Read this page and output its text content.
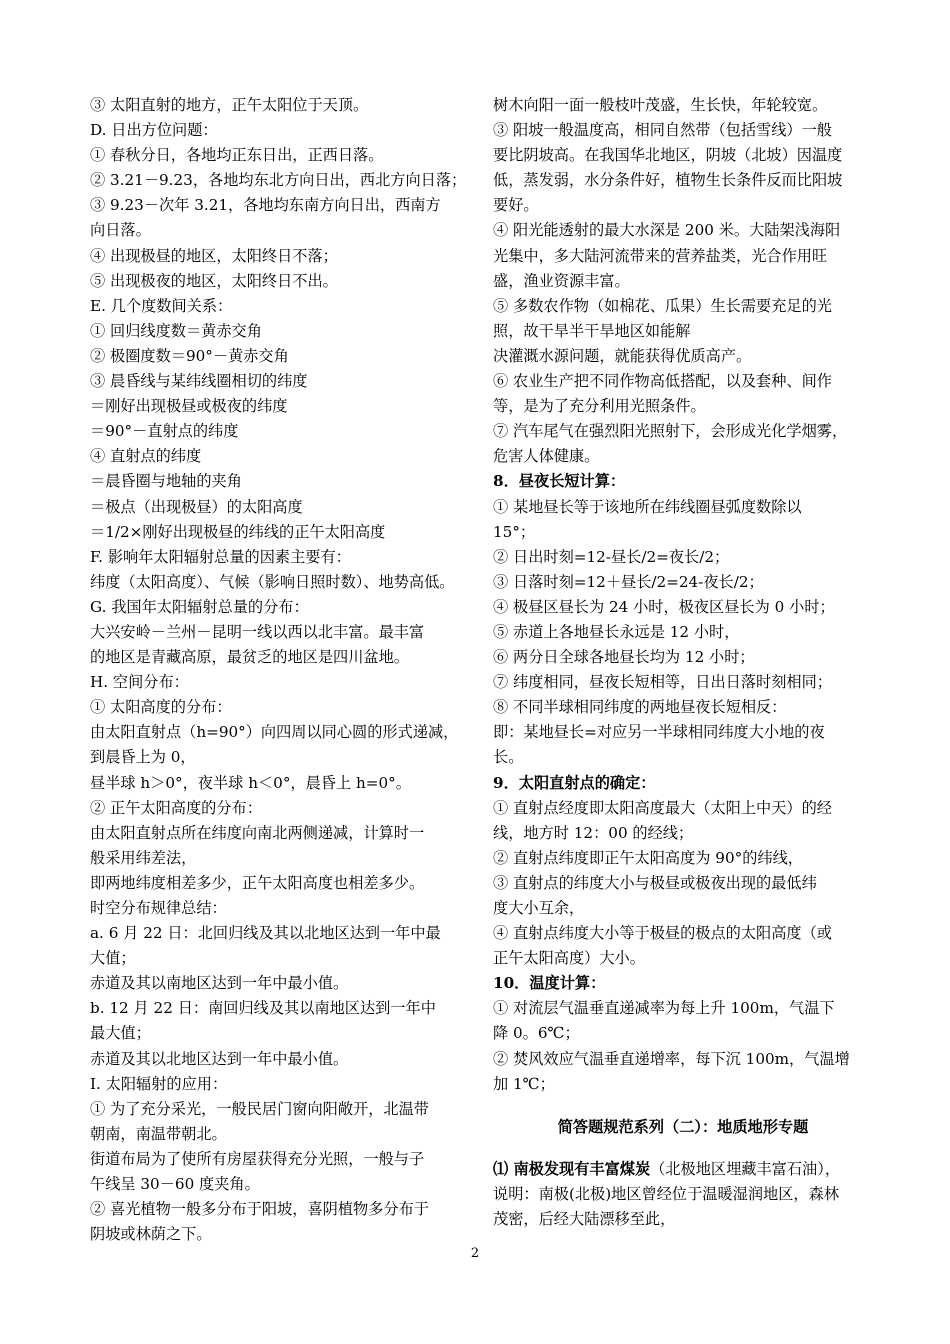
③ 太阳直射的地方，正午太阳位于天顶。
D. 日出方位问题：
① 春秋分日，各地均正东日出，正西日落。
② 3.21－9.23，各地均东北方向日出，西北方向日落；
③ 9.23－次年 3.21，各地均东南方向日出，西南方
向日落。
④ 出现极昼的地区，太阳终日不落；
⑤ 出现极夜的地区，太阳终日不出。
E. 几个度数间关系：
① 回归线度数＝黄赤交角
② 极圈度数＝90°－黄赤交角
③ 晨昏线与某纬线圈相切的纬度
＝刚好出现极昼或极夜的纬度
＝90°－直射点的纬度
④ 直射点的纬度
＝晨昏圈与地轴的夹角
＝极点（出现极昼）的太阳高度
＝1/2×刚好出现极昼的纬线的正午太阳高度
F. 影响年太阳辐射总量的因素主要有：
纬度（太阳高度）、气候（影响日照时数）、地势高低。
G. 我国年太阳辐射总量的分布：
大兴安岭－兰州－昆明一线以西以北丰富。最丰富
的地区是青藏高原，最贫乏的地区是四川盆地。
H. 空间分布：
① 太阳高度的分布：
由太阳直射点（h=90°）向四周以同心圆的形式递减，
到晨昏上为 0，
昼半球 h＞0°，夜半球 h＜0°，晨昏上 h=0°。
② 正午太阳高度的分布：
由太阳直射点所在纬度向南北两侧递减，计算时一
般采用纬差法，
即两地纬度相差多少，正午太阳高度也相差多少。
时空分布规律总结：
a. 6 月 22 日：北回归线及其以北地区达到一年中最
大值；
赤道及其以南地区达到一年中最小值。
b. 12 月 22 日：南回归线及其以南地区达到一年中
最大值；
赤道及其以北地区达到一年中最小值。
I. 太阳辐射的应用：
① 为了充分采光，一般民居门窗向阳敞开，北温带
朝南，南温带朝北。
街道布局为了使所有房屋获得充分光照，一般与子
午线呈 30－60 度夹角。
② 喜光植物一般多分布于阳坡，喜阴植物多分布于
阴坡或林荫之下。
树木向阳一面一般枝叶茂盛，生长快，年轮较宽。
③ 阳坡一般温度高，相同自然带（包括雪线）一般
要比阴坡高。在我国华北地区，阴坡（北坡）因温度
低，蒸发弱，水分条件好，植物生长条件反而比阳坡
要好。
④ 阳光能透射的最大水深是 200 米。大陆架浅海阳
光集中，多大陆河流带来的营养盐类，光合作用旺
盛，渔业资源丰富。
⑤ 多数农作物（如棉花、瓜果）生长需要充足的光
照，故干旱半干旱地区如能解
决灌溉水源问题，就能获得优质高产。
⑥ 农业生产把不同作物高低搭配，以及套种、间作
等，是为了充分利用光照条件。
⑦ 汽车尾气在强烈阳光照射下，会形成光化学烟雾，
危害人体健康。
8．昼夜长短计算：
① 某地昼长等于该地所在纬线圈昼弧度数除以
15°；
② 日出时刻=12-昼长/2=夜长/2；
③ 日落时刻=12＋昼长/2=24-夜长/2；
④ 极昼区昼长为 24 小时，极夜区昼长为 0 小时；
⑤ 赤道上各地昼长永远是 12 小时，
⑥ 两分日全球各地昼长均为 12 小时；
⑦ 纬度相同，昼夜长短相等，日出日落时刻相同；
⑧ 不同半球相同纬度的两地昼夜长短相反：
即：某地昼长=对应另一半球相同纬度大小地的夜
长。
9．太阳直射点的确定：
① 直射点经度即太阳高度最大（太阳上中天）的经
线，地方时 12：00 的经线；
② 直射点纬度即正午太阳高度为 90°的纬线，
③ 直射点的纬度大小与极昼或极夜出现的最低纬
度大小互余，
④ 直射点纬度大小等于极昼的极点的太阳高度（或
正午太阳高度）大小。
10．温度计算：
① 对流层气温垂直递减率为每上升 100m，气温下
降 0。6℃；
② 焚风效应气温垂直递增率，每下沉 100m，气温增
加 1℃；
简答题规范系列（二）：地质地形专题
⑴ 南极发现有丰富煤炭（北极地区埋藏丰富石油），
说明：南极(北极)地区曾经位于温暖湿润地区，森林
茂密，后经大陆漂移至此，
2
